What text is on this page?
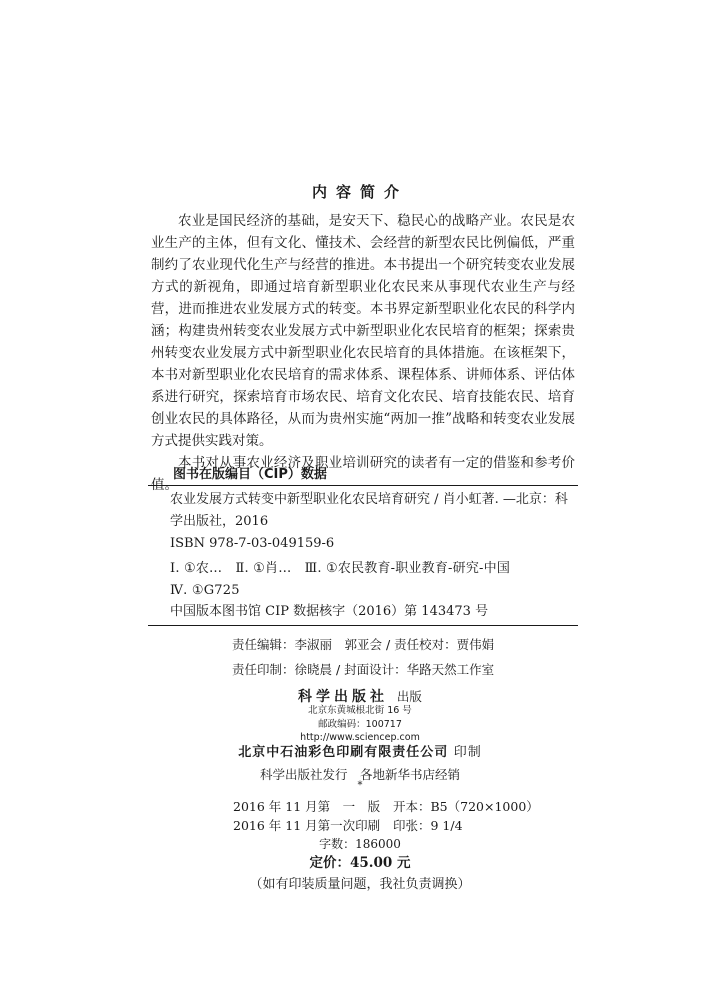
内容简介

农业是国民经济的基础，是安天下、稳民心的战略产业。农民是农业生产的主体，但有文化、懂技术、会经营的新型农民比例偏低，严重制约了农业现代化生产与经营的推进。本书提出一个研究转变农业发展方式的新视角，即通过培育新型职业化农民来从事现代农业生产与经营，进而推进农业发展方式的转变。本书界定新型职业化农民的科学内涵；构建贵州转变农业发展方式中新型职业化农民培育的框架；探索贵州转变农业发展方式中新型职业化农民培育的具体措施。在该框架下，本书对新型职业化农民培育的需求体系、课程体系、讲师体系、评估体系进行研究，探索培育市场农民、培育文化农民、培育技能农民、培育创业农民的具体路径，从而为贵州实施“两加一推”战略和转变农业发展方式提供实践对策。

本书对从事农业经济及职业培训研究的读者有一定的借鉴和参考价值。

图书在版编目（CIP）数据

农业发展方式转变中新型职业化农民培育研究 / 肖小虹著. —北京：科学出版社，2016

ISBN 978-7-03-049159-6

Ⅰ. ①农…　Ⅱ. ①肖…　Ⅲ. ①农民教育-职业教育-研究-中国

Ⅳ. ①G725

中国版本图书馆 CIP 数据核字（2016）第 143473 号

责任编辑：李淑丽　郭亚会 / 责任校对：贾伟娟

责任印制：徐晓晨 / 封面设计：华路天然工作室

科学出版社 出版

北京东黄城根北街 16 号

邮政编码：100717

http://www.sciencep.com

北京中石油彩色印刷有限责任公司 印制

科学出版社发行　各地新华书店经销

*

2016 年 11 月第　一　版 开本：B5（720×1000）

2016 年 11 月第一次印刷 印张：9 1/4

字数：186000

定价：45.00 元

（如有印装质量问题，我社负责调换）
